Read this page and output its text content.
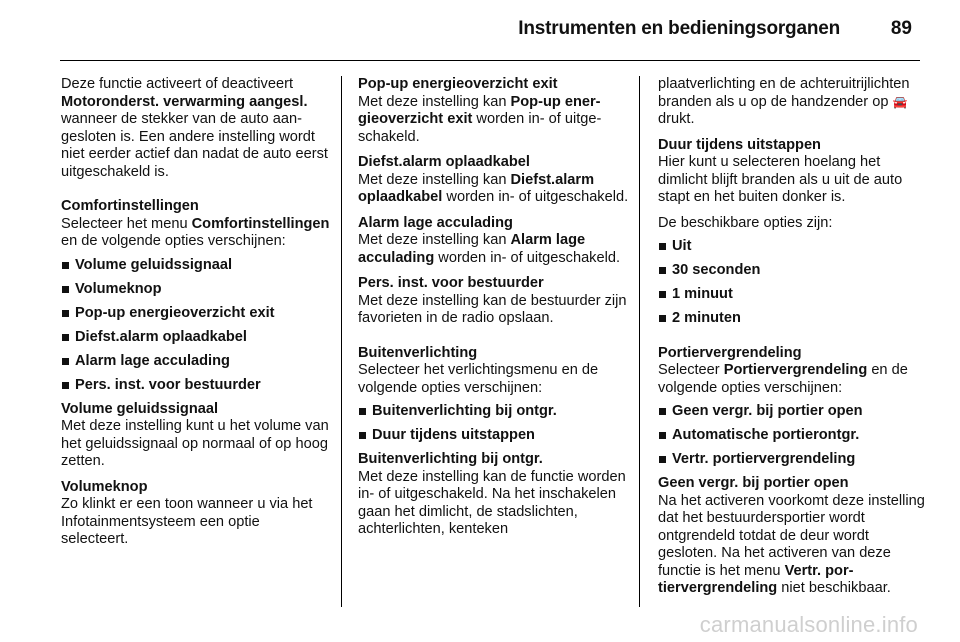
Instrumenten en bedieningsorganen	89

Deze functie activeert of deactiveert Motoronderst. verwarming aangesl. wanneer de stekker van de auto aangesloten is. Een andere instelling wordt niet eerder actief dan nadat de auto eerst uitgeschakeld is.

Comfortinstellingen

Selecteer het menu Comfortinstellingen en de volgende opties verschijnen:

Volume geluidssignaal
Volumeknop
Pop-up energieoverzicht exit
Diefst.alarm oplaadkabel
Alarm lage acculading
Pers. inst. voor bestuurder

Volume geluidssignaal

Met deze instelling kunt u het volume van het geluidssignaal op normaal of op hoog zetten.

Volumeknop

Zo klinkt er een toon wanneer u via het Infotainmentsysteem een optie selecteert.

Pop-up energieoverzicht exit

Met deze instelling kan Pop-up energieoverzicht exit worden in- of uitgeschakeld.

Diefst.alarm oplaadkabel

Met deze instelling kan Diefst.alarm oplaadkabel worden in- of uitgeschakeld.

Alarm lage acculading

Met deze instelling kan Alarm lage acculading worden in- of uitgeschakeld.

Pers. inst. voor bestuurder

Met deze instelling kan de bestuurder zijn favorieten in de radio opslaan.

Buitenverlichting

Selecteer het verlichtingsmenu en de volgende opties verschijnen:

Buitenverlichting bij ontgr.
Duur tijdens uitstappen

Buitenverlichting bij ontgr.

Met deze instelling kan de functie worden in- of uitgeschakeld. Na het inschakelen gaan het dimlicht, de stadslichten, achterlichten, kenteken

plaatverlichting en de achteruitrijlichten branden als u op de handzender op 🚘 drukt.

Duur tijdens uitstappen

Hier kunt u selecteren hoelang het dimlicht blijft branden als u uit de auto stapt en het buiten donker is.

De beschikbare opties zijn:

Uit
30 seconden
1 minuut
2 minuten

Portiervergrendeling

Selecteer Portiervergrendeling en de volgende opties verschijnen:

Geen vergr. bij portier open
Automatische portierontgr.
Vertr. portiervergrendeling

Geen vergr. bij portier open

Na het activeren voorkomt deze instelling dat het bestuurdersportier wordt ontgrendeld totdat de deur wordt gesloten. Na het activeren van deze functie is het menu Vertr. portiervergrendeling niet beschikbaar.

carmanualsonline.info
